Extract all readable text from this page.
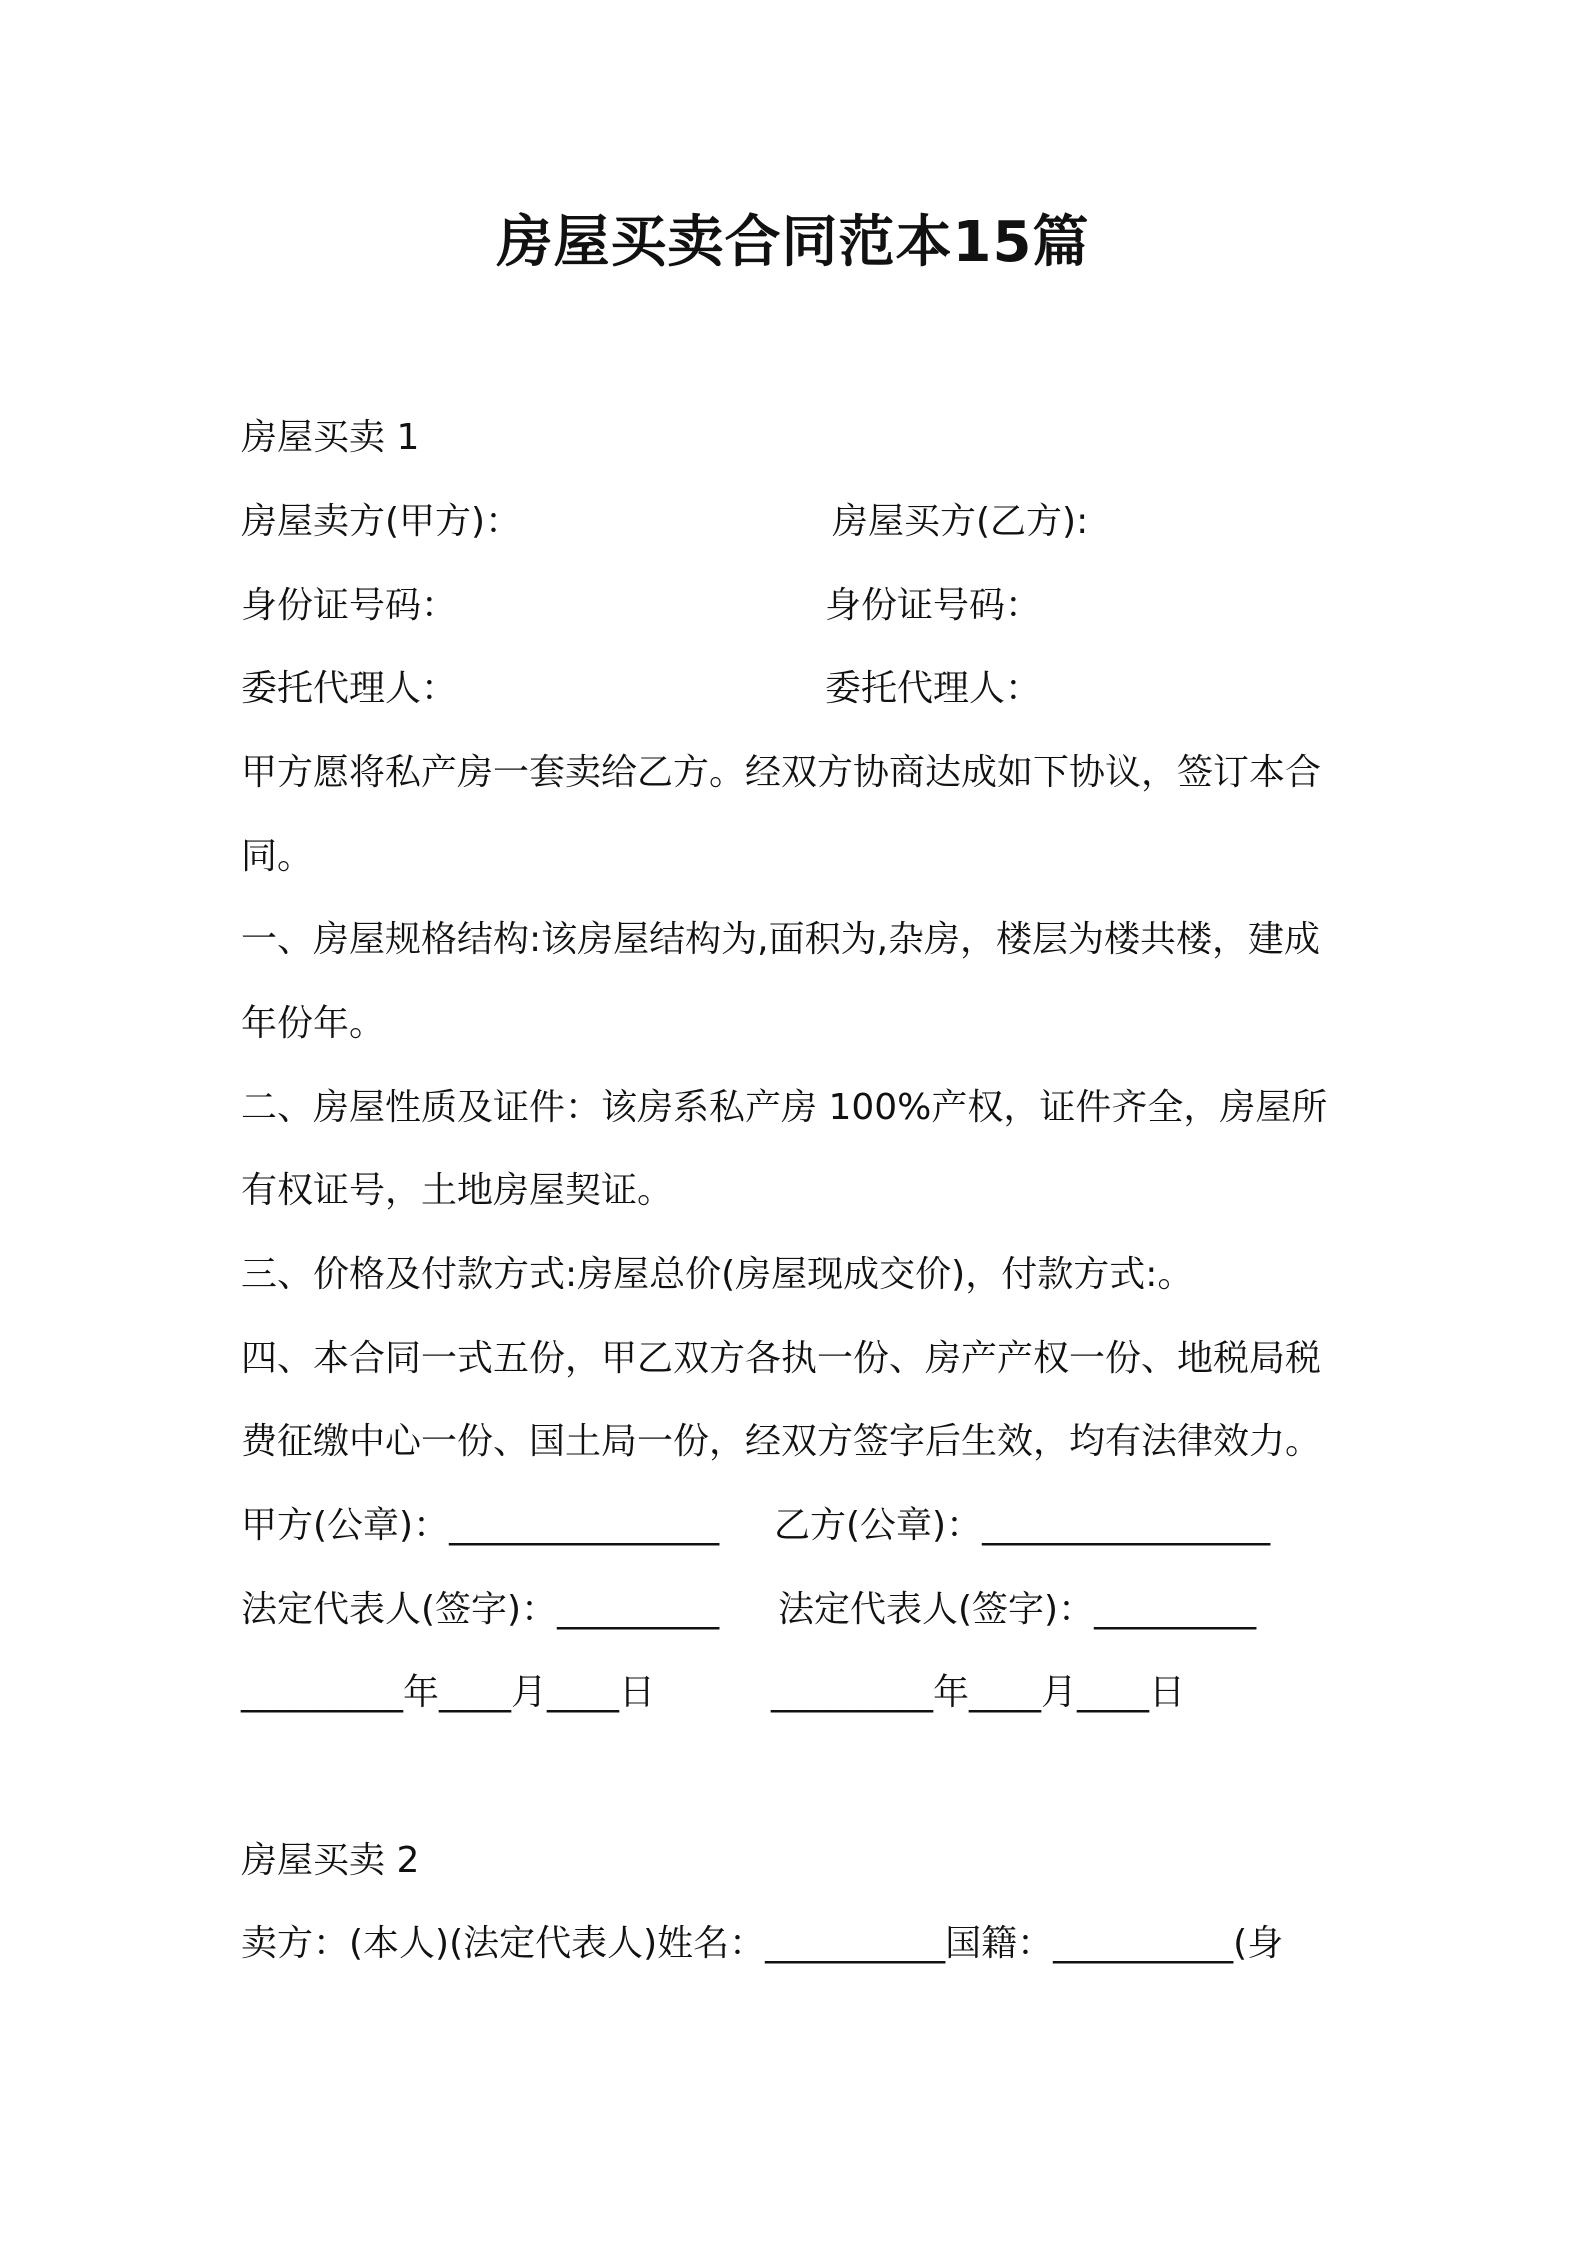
房屋买卖合同范本15篇
房屋买卖 1
房屋卖方(甲方)：	房屋买方(乙方):
身份证号码：	身份证号码：
委托代理人：	委托代理人：
甲方愿将私产房一套卖给乙方。经双方协商达成如下协议，签订本合
同。
一、房屋规格结构:该房屋结构为,面积为,杂房，楼层为楼共楼，建成
年份年。
二、房屋性质及证件：该房系私产房 100%产权，证件齐全，房屋所
有权证号，土地房屋契证。
三、价格及付款方式:房屋总价(房屋现成交价)，付款方式:。
四、本合同一式五份，甲乙双方各执一份、房产产权一份、地税局税
费征缴中心一份、国土局一份，经双方签字后生效，均有法律效力。
甲方(公章)：_______________ 乙方(公章)：________________
法定代表人(签字)：_________ 法定代表人(签字)：_________
_________年____月____日	_________年____月____日
房屋买卖 2
卖方：(本人)(法定代表人)姓名：__________国籍：__________(身
